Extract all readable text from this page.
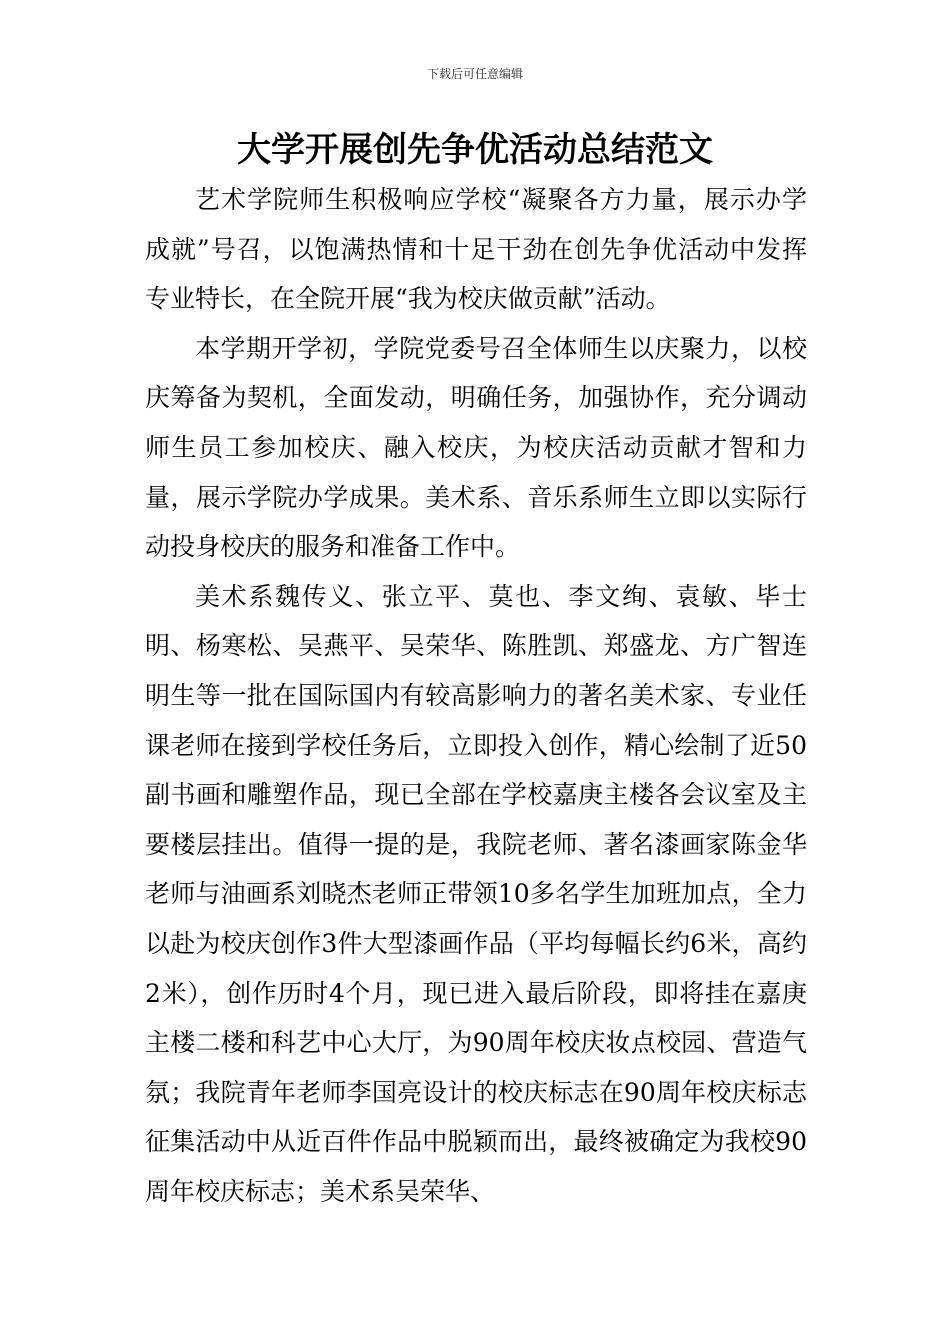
下载后可任意编辑
大学开展创先争优活动总结范文

艺术学院师生积极响应学校“凝聚各方力量，展示办学成就”号召，以饱满热情和十足干劲在创先争优活动中发挥专业特长，在全院开展“我为校庆做贡献”活动。

本学期开学初，学院党委号召全体师生以庆聚力，以校庆筹备为契机，全面发动，明确任务，加强协作，充分调动师生员工参加校庆、融入校庆，为校庆活动贡献才智和力量，展示学院办学成果。美术系、音乐系师生立即以实际行动投身校庆的服务和准备工作中。

美术系魏传义、张立平、莫也、李文绚、袁敏、毕士明、杨寒松、吴燕平、吴荣华、陈胜凯、郑盛龙、方广智连明生等一批在国际国内有较高影响力的著名美术家、专业任课老师在接到学校任务后，立即投入创作，精心绘制了近50副书画和雕塑作品，现已全部在学校嘉庚主楼各会议室及主要楼层挂出。值得一提的是，我院老师、著名漆画家陈金华老师与油画系刘晓杰老师正带领10多名学生加班加点，全力以赴为校庆创作3件大型漆画作品（平均每幅长约6米，高约2米），创作历时4个月，现已进入最后阶段，即将挂在嘉庚主楼二楼和科艺中心大厅，为90周年校庆妆点校园、营造气氛；我院青年老师李国亮设计的校庆标志在90周年校庆标志征集活动中从近百件作品中脱颖而出，最终被确定为我校90周年校庆标志；美术系吴荣华、
